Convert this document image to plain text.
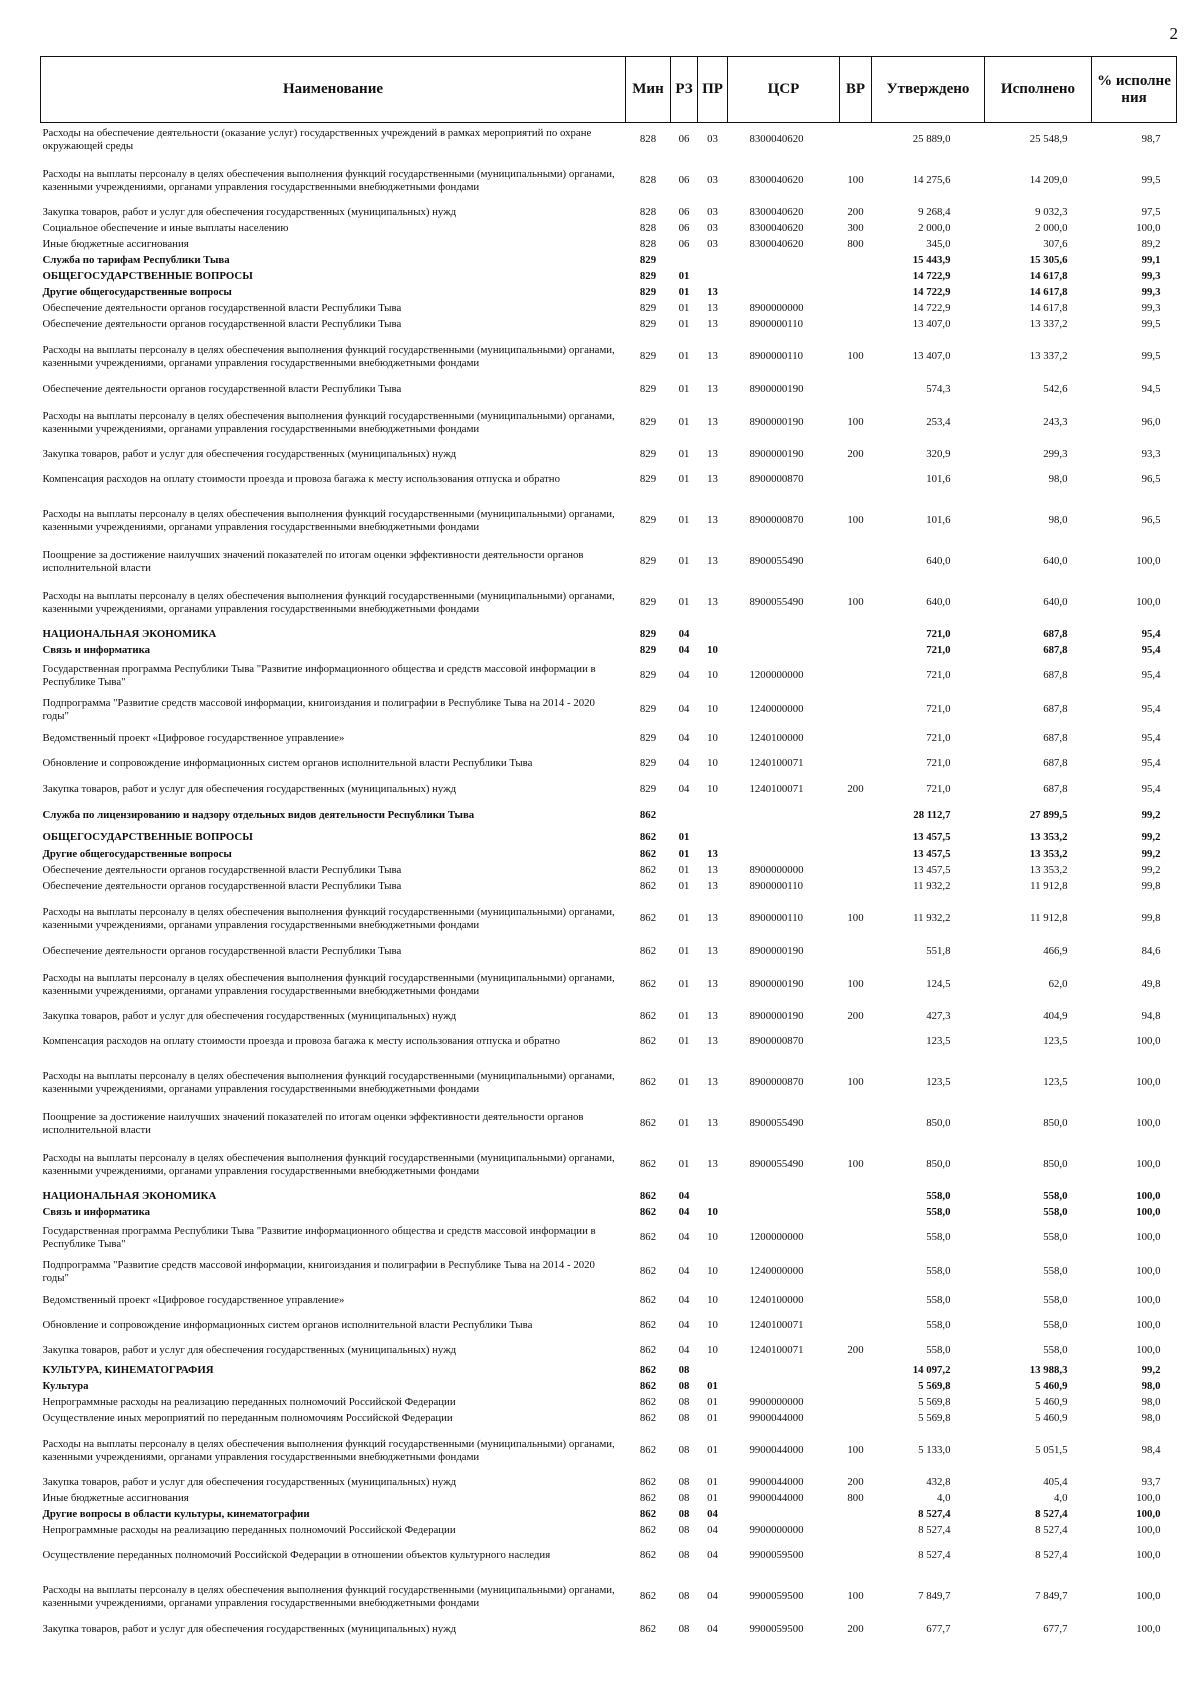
2
Наименование	Мин	РЗ	ПР	ЦСР	ВР	Утверждено	Исполнено	% исполне ния
Расходы на обеспечение деятельности (оказание услуг) государственных учреждений в рамках мероприятий по охране окружающей среды	828	06	03	8300040620		25 889,0	25 548,9	98,7
Расходы на выплаты персоналу в целях обеспечения выполнения функций государственными (муниципальными) органами, казенными учреждениями, органами управления государственными внебюджетными фондами	828	06	03	8300040620	100	14 275,6	14 209,0	99,5
Закупка товаров, работ и услуг для обеспечения государственных (муниципальных) нужд	828	06	03	8300040620	200	9 268,4	9 032,3	97,5
Социальное обеспечение и иные выплаты населению	828	06	03	8300040620	300	2 000,0	2 000,0	100,0
Иные бюджетные ассигнования	828	06	03	8300040620	800	345,0	307,6	89,2
Служба по тарифам Республики Тыва	829					15 443,9	15 305,6	99,1
ОБЩЕГОСУДАРСТВЕННЫЕ ВОПРОСЫ	829	01				14 722,9	14 617,8	99,3
Другие общегосударственные вопросы	829	01	13			14 722,9	14 617,8	99,3
Обеспечение деятельности органов государственной власти Республики Тыва	829	01	13	8900000000		14 722,9	14 617,8	99,3
Обеспечение деятельности органов государственной власти Республики Тыва	829	01	13	8900000110		13 407,0	13 337,2	99,5
Расходы на выплаты персоналу в целях обеспечения выполнения функций государственными (муниципальными) органами, казенными учреждениями, органами управления государственными внебюджетными фондами	829	01	13	8900000110	100	13 407,0	13 337,2	99,5
Обеспечение деятельности органов государственной власти Республики Тыва	829	01	13	8900000190		574,3	542,6	94,5
Расходы на выплаты персоналу в целях обеспечения выполнения функций государственными (муниципальными) органами, казенными учреждениями, органами управления государственными внебюджетными фондами	829	01	13	8900000190	100	253,4	243,3	96,0
Закупка товаров, работ и услуг для обеспечения государственных (муниципальных) нужд	829	01	13	8900000190	200	320,9	299,3	93,3
Компенсация расходов на оплату стоимости проезда и провоза багажа к месту использования отпуска и обратно	829	01	13	8900000870		101,6	98,0	96,5
Расходы на выплаты персоналу в целях обеспечения выполнения функций государственными (муниципальными) органами, казенными учреждениями, органами управления государственными внебюджетными фондами	829	01	13	8900000870	100	101,6	98,0	96,5
Поощрение за достижение наилучших значений показателей по итогам оценки эффективности деятельности органов исполнительной власти	829	01	13	8900055490		640,0	640,0	100,0
Расходы на выплаты персоналу в целях обеспечения выполнения функций государственными (муниципальными) органами, казенными учреждениями, органами управления государственными внебюджетными фондами	829	01	13	8900055490	100	640,0	640,0	100,0
НАЦИОНАЛЬНАЯ ЭКОНОМИКА	829	04				721,0	687,8	95,4
Связь и информатика	829	04	10			721,0	687,8	95,4
Государственная программа Республики Тыва "Развитие информационного общества и средств массовой информации в Республике Тыва"	829	04	10	1200000000		721,0	687,8	95,4
Подпрограмма "Развитие средств массовой информации, книгоиздания и полиграфии в Республике Тыва на 2014 - 2020 годы"	829	04	10	1240000000		721,0	687,8	95,4
Ведомственный проект «Цифровое государственное управление»	829	04	10	1240100000		721,0	687,8	95,4
Обновление и сопровождение информационных систем органов исполнительной власти Республики Тыва	829	04	10	1240100071		721,0	687,8	95,4
Закупка товаров, работ и услуг для обеспечения государственных (муниципальных) нужд	829	04	10	1240100071	200	721,0	687,8	95,4
Служба по лицензированию и надзору отдельных видов деятельности Республики Тыва	862					28 112,7	27 899,5	99,2
ОБЩЕГОСУДАРСТВЕННЫЕ ВОПРОСЫ	862	01				13 457,5	13 353,2	99,2
Другие общегосударственные вопросы	862	01	13			13 457,5	13 353,2	99,2
Обеспечение деятельности органов государственной власти Республики Тыва	862	01	13	8900000000		13 457,5	13 353,2	99,2
Обеспечение деятельности органов государственной власти Республики Тыва	862	01	13	8900000110		11 932,2	11 912,8	99,8
Расходы на выплаты персоналу в целях обеспечения выполнения функций государственными (муниципальными) органами, казенными учреждениями, органами управления государственными внебюджетными фондами	862	01	13	8900000110	100	11 932,2	11 912,8	99,8
Обеспечение деятельности органов государственной власти Республики Тыва	862	01	13	8900000190		551,8	466,9	84,6
Расходы на выплаты персоналу в целях обеспечения выполнения функций государственными (муниципальными) органами, казенными учреждениями, органами управления государственными внебюджетными фондами	862	01	13	8900000190	100	124,5	62,0	49,8
Закупка товаров, работ и услуг для обеспечения государственных (муниципальных) нужд	862	01	13	8900000190	200	427,3	404,9	94,8
Компенсация расходов на оплату стоимости проезда и провоза багажа к месту использования отпуска и обратно	862	01	13	8900000870		123,5	123,5	100,0
Расходы на выплаты персоналу в целях обеспечения выполнения функций государственными (муниципальными) органами, казенными учреждениями, органами управления государственными внебюджетными фондами	862	01	13	8900000870	100	123,5	123,5	100,0
Поощрение за достижение наилучших значений показателей по итогам оценки эффективности деятельности органов исполнительной власти	862	01	13	8900055490		850,0	850,0	100,0
Расходы на выплаты персоналу в целях обеспечения выполнения функций государственными (муниципальными) органами, казенными учреждениями, органами управления государственными внебюджетными фондами	862	01	13	8900055490	100	850,0	850,0	100,0
НАЦИОНАЛЬНАЯ ЭКОНОМИКА	862	04				558,0	558,0	100,0
Связь и информатика	862	04	10			558,0	558,0	100,0
Государственная программа Республики Тыва "Развитие информационного общества и средств массовой информации в Республике Тыва"	862	04	10	1200000000		558,0	558,0	100,0
Подпрограмма "Развитие средств массовой информации, книгоиздания и полиграфии в Республике Тыва на 2014 - 2020 годы"	862	04	10	1240000000		558,0	558,0	100,0
Ведомственный проект «Цифровое государственное управление»	862	04	10	1240100000		558,0	558,0	100,0
Обновление и сопровождение информационных систем органов исполнительной власти Республики Тыва	862	04	10	1240100071		558,0	558,0	100,0
Закупка товаров, работ и услуг для обеспечения государственных (муниципальных) нужд	862	04	10	1240100071	200	558,0	558,0	100,0
КУЛЬТУРА, КИНЕМАТОГРАФИЯ	862	08				14 097,2	13 988,3	99,2
Культура	862	08	01			5 569,8	5 460,9	98,0
Непрограммные расходы на реализацию переданных полномочий Российской Федерации	862	08	01	9900000000		5 569,8	5 460,9	98,0
Осуществление иных мероприятий по переданным полномочиям Российской Федерации	862	08	01	9900044000		5 569,8	5 460,9	98,0
Расходы на выплаты персоналу в целях обеспечения выполнения функций государственными (муниципальными) органами, казенными учреждениями, органами управления государственными внебюджетными фондами	862	08	01	9900044000	100	5 133,0	5 051,5	98,4
Закупка товаров, работ и услуг для обеспечения государственных (муниципальных) нужд	862	08	01	9900044000	200	432,8	405,4	93,7
Иные бюджетные ассигнования	862	08	01	9900044000	800	4,0	4,0	100,0
Другие вопросы в области культуры, кинематографии	862	08	04			8 527,4	8 527,4	100,0
Непрограммные расходы на реализацию переданных полномочий Российской Федерации	862	08	04	9900000000		8 527,4	8 527,4	100,0
Осуществление переданных полномочий Российской Федерации в отношении объектов культурного наследия	862	08	04	9900059500		8 527,4	8 527,4	100,0
Расходы на выплаты персоналу в целях обеспечения выполнения функций государственными (муниципальными) органами, казенными учреждениями, органами управления государственными внебюджетными фондами	862	08	04	9900059500	100	7 849,7	7 849,7	100,0
Закупка товаров, работ и услуг для обеспечения государственных (муниципальных) нужд	862	08	04	9900059500	200	677,7	677,7	100,0
